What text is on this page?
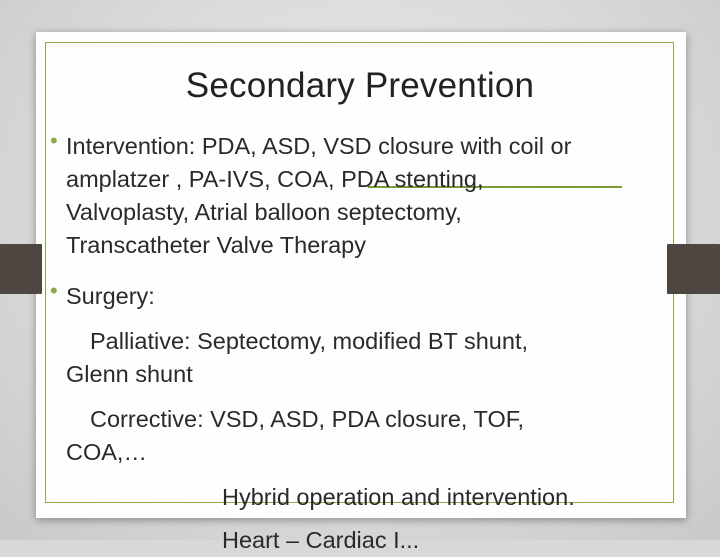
Secondary Prevention
• Intervention: PDA, ASD, VSD closure with coil or
amplatzer , PA-IVS, COA, PDA stenting,
Valvoplasty, Atrial balloon septectomy,
Transcatheter Valve Therapy
• Surgery:
Palliative: Septectomy, modified BT shunt,
Glenn shunt
Corrective: VSD, ASD, PDA closure, TOF,
COA,…
Hybrid operation and intervention.
Heart – Cardiac I...
